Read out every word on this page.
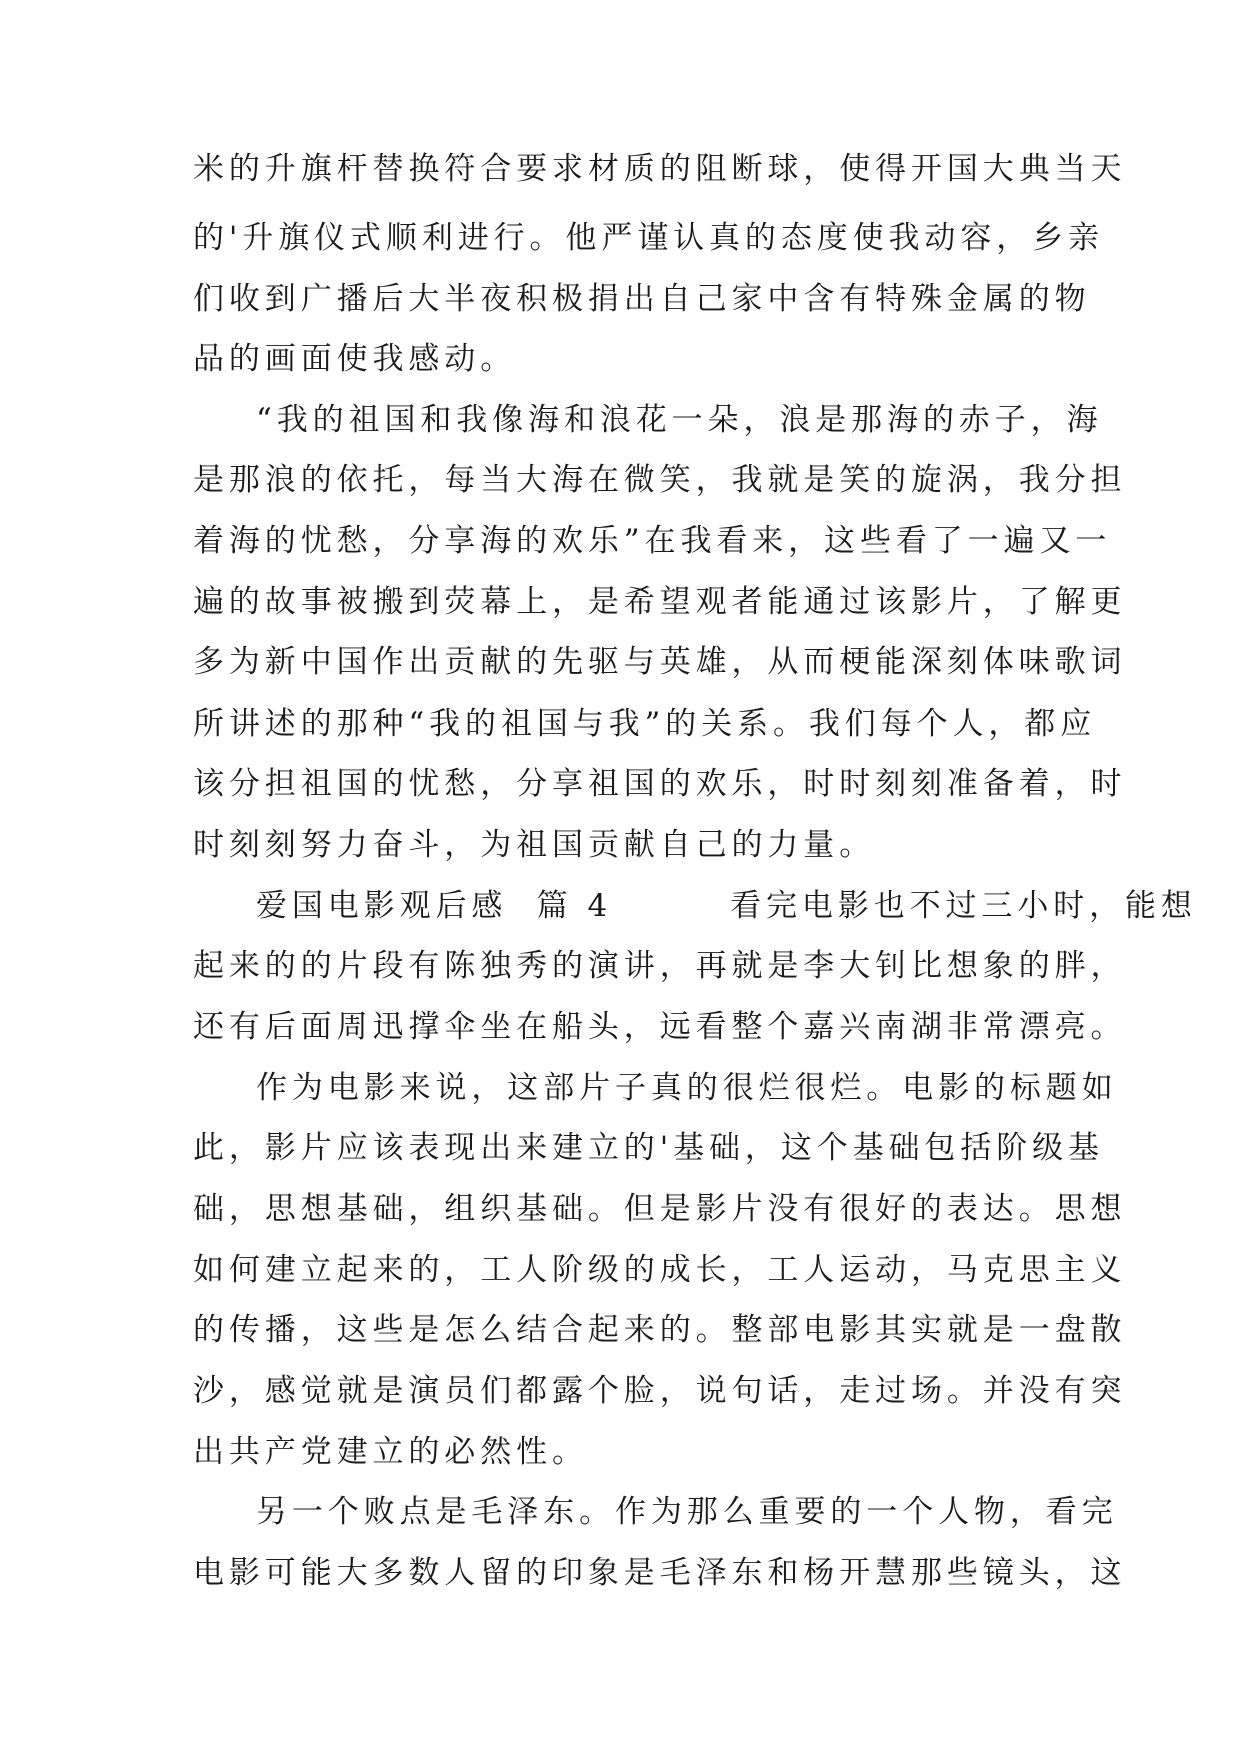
米的升旗杆替换符合要求材质的阻断球，使得开国大典当天
的'升旗仪式顺利进行。他严谨认真的态度使我动容，乡亲
们收到广播后大半夜积极捐出自己家中含有特殊金属的物
品的画面使我感动。
“我的祖国和我像海和浪花一朵，浪是那海的赤子，海
是那浪的依托，每当大海在微笑，我就是笑的旋涡，我分担
着海的忧愁，分享海的欢乐”在我看来，这些看了一遍又一
遍的故事被搬到荧幕上，是希望观者能通过该影片，了解更
多为新中国作出贡献的先驱与英雄，从而梗能深刻体味歌词
所讲述的那种“我的祖国与我”的关系。我们每个人，都应
该分担祖国的忧愁，分享祖国的欢乐，时时刻刻准备着，时
时刻刻努力奋斗，为祖国贡献自己的力量。
爱国电影观后感  篇 4        看完电影也不过三小时，能想
起来的的片段有陈独秀的演讲，再就是李大钊比想象的胖，
还有后面周迅撑伞坐在船头，远看整个嘉兴南湖非常漂亮。
作为电影来说，这部片子真的很烂很烂。电影的标题如
此，影片应该表现出来建立的'基础，这个基础包括阶级基
础，思想基础，组织基础。但是影片没有很好的表达。思想
如何建立起来的，工人阶级的成长，工人运动，马克思主义
的传播，这些是怎么结合起来的。整部电影其实就是一盘散
沙，感觉就是演员们都露个脸，说句话，走过场。并没有突
出共产党建立的必然性。
另一个败点是毛泽东。作为那么重要的一个人物，看完
电影可能大多数人留的印象是毛泽东和杨开慧那些镜头，这
